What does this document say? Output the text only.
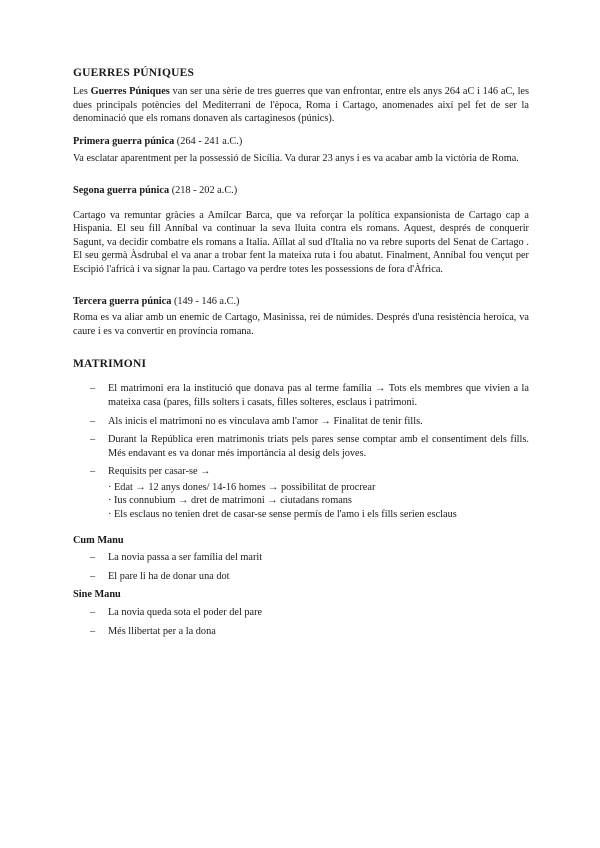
GUERRES PÚNIQUES

Les Guerres Púniques van ser una sèrie de tres guerres que van enfrontar, entre els anys 264 aC i 146 aC, les dues principals potències del Mediterrani de l'època, Roma i Cartago, anomenades així pel fet de ser la denominació que els romans donaven als cartaginesos (púnics).

Primera guerra púnica (264 - 241 a.C.)

Va esclatar aparentment per la possessió de Sicília. Va durar 23 anys i es va acabar amb la victòria de Roma.

Segona guerra púnica (218 - 202 a.C.)

Cartago va remuntar gràcies a Amílcar Barca, que va reforçar la política expansionista de Cartago cap a Hispania. El seu fill Anníbal va continuar la seva lluita contra els romans. Aquest, després de conquerir Sagunt, va decidir combatre els romans a Italia. Aïllat al sud d'Italia no va rebre suports del Senat de Cartago . El seu germà Àsdrubal el va anar a trobar fent la mateixa ruta i fou abatut. Finalment, Anníbal fou vençut per Escipió l'africà i va signar la pau. Cartago va perdre totes les possessions de fora d'Àfrica.

Tercera guerra púnica (149 - 146 a.C.)

Roma es va aliar amb un enemic de Cartago, Masinissa, rei de númides. Després d'una resistència heroica, va caure i es va convertir en província romana.

MATRIMONI
– El matrimoni era la institució que donava pas al terme família → Tots els membres que vivien a la mateixa casa (pares, fills solters i casats, filles solteres, esclaus i patrimoni.
– Als inicis el matrimoni no es vinculava amb l'amor → Finalitat de tenir fills.
– Durant la República eren matrimonis triats pels pares sense comptar amb el consentiment dels fills. Més endavant es va donar més importància al desig dels joves.
– Requisits per casar-se →
· Edat → 12 anys dones/ 14-16 homes → possibilitat de procrear
· Ius connubium → dret de matrimoni → ciutadans romans
· Els esclaus no tenien dret de casar-se sense permís de l'amo i els fills serien esclaus
Cum Manu
– La novia passa a ser família del marit
– El pare li ha de donar una dot
Sine Manu
– La novia queda sota el poder del pare
– Més llibertat per a la dona
